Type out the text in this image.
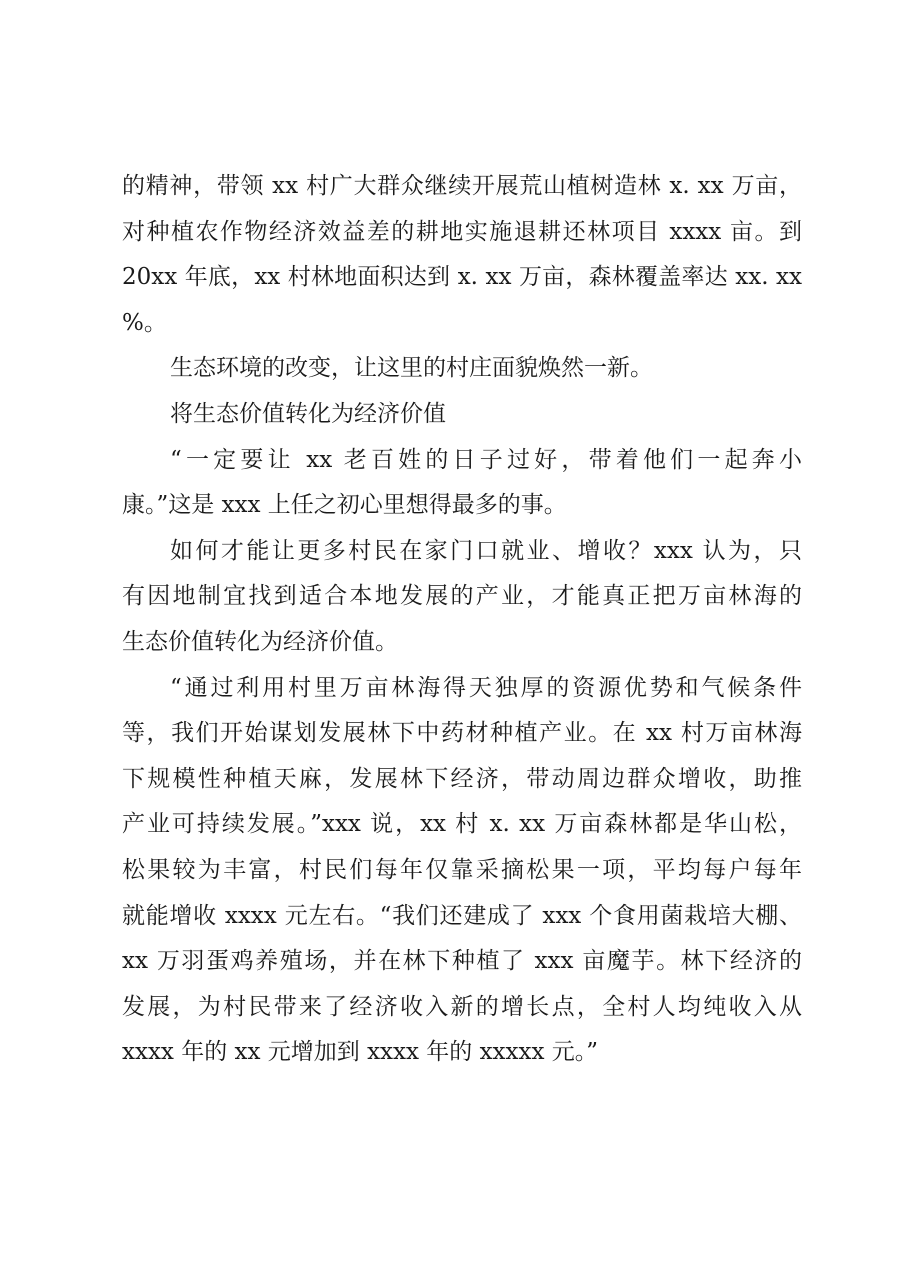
的精神，带领 xx 村广大群众继续开展荒山植树造林 x. xx 万亩，
对种植农作物经济效益差的耕地实施退耕还林项目 xxxx 亩。到
20xx 年底，xx 村林地面积达到 x. xx 万亩，森林覆盖率达 xx. xx
%。
生态环境的改变，让这里的村庄面貌焕然一新。
将生态价值转化为经济价值
“一定要让 xx 老百姓的日子过好，带着他们一起奔小
康。”这是 xxx 上任之初心里想得最多的事。
如何才能让更多村民在家门口就业、增收？xxx 认为，只
有因地制宜找到适合本地发展的产业，才能真正把万亩林海的
生态价值转化为经济价值。
“通过利用村里万亩林海得天独厚的资源优势和气候条件
等，我们开始谋划发展林下中药材种植产业。在 xx 村万亩林海
下规模性种植天麻，发展林下经济，带动周边群众增收，助推
产业可持续发展。”xxx 说，xx 村 x. xx 万亩森林都是华山松，
松果较为丰富，村民们每年仅靠采摘松果一项，平均每户每年
就能增收 xxxx 元左右。“我们还建成了 xxx 个食用菌栽培大棚、
xx 万羽蛋鸡养殖场，并在林下种植了 xxx 亩魔芋。林下经济的
发展，为村民带来了经济收入新的增长点，全村人均纯收入从
xxxx 年的 xx 元增加到 xxxx 年的 xxxxx 元。”
